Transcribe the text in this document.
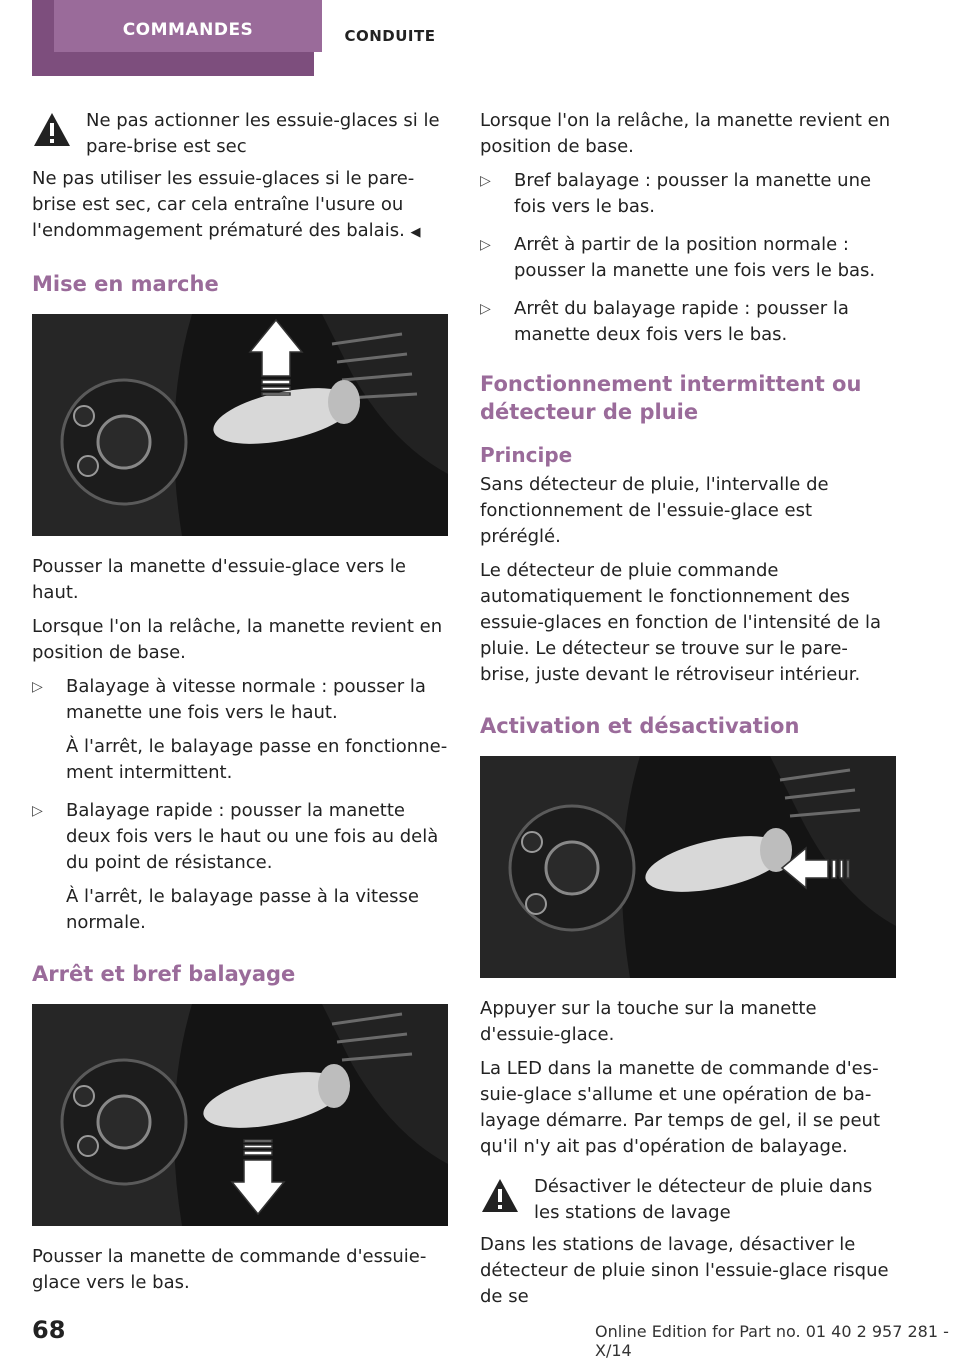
COMMANDES	CONDUITE
Ne pas actionner les essuie-glaces si le pare-brise est sec

Ne pas utiliser les essuie-glaces si le pare-brise est sec, car cela entraîne l'usure ou l'endommagement prématuré des balais. ◀

Mise en marche

Pousser la manette d'essuie-glace vers le haut.

Lorsque l'on la relâche, la manette revient en position de base.

▷ Balayage à vitesse normale : pousser la manette une fois vers le haut.

À l'arrêt, le balayage passe en fonctionnement intermittent.

▷ Balayage rapide : pousser la manette deux fois vers le haut ou une fois au delà du point de résistance.

À l'arrêt, le balayage passe à la vitesse normale.

Arrêt et bref balayage

Pousser la manette de commande d'essuie-glace vers le bas.

Lorsque l'on la relâche, la manette revient en position de base.

▷ Bref balayage : pousser la manette une fois vers le bas.

▷ Arrêt à partir de la position normale : pousser la manette une fois vers le bas.

▷ Arrêt du balayage rapide : pousser la manette deux fois vers le bas.

Fonctionnement intermittent ou détecteur de pluie
Principe

Sans détecteur de pluie, l'intervalle de fonctionnement de l'essuie-glace est préréglé.

Le détecteur de pluie commande automatiquement le fonctionnement des essuie-glaces en fonction de l'intensité de la pluie. Le détecteur se trouve sur le pare-brise, juste devant le rétroviseur intérieur.

Activation et désactivation

Appuyer sur la touche sur la manette d'essuie-glace.

La LED dans la manette de commande d'essuie-glace s'allume et une opération de balayage démarre. Par temps de gel, il se peut qu'il n'y ait pas d'opération de balayage.

Désactiver le détecteur de pluie dans les stations de lavage

Dans les stations de lavage, désactiver le détecteur de pluie sinon l'essuie-glace risque de se

68	Online Edition for Part no. 01 40 2 957 281 - X/14
